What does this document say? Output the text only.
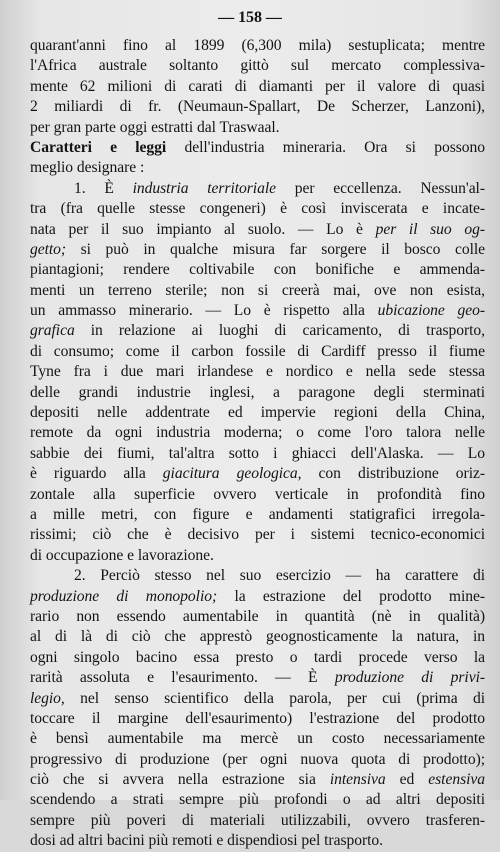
— 158 —
quarant'anni fino al 1899 (6,300 mila) sestuplicata; mentre
l'Africa australe soltanto gittò sul mercato complessiva-
mente 62 milioni di carati di diamanti per il valore di quasi
2 miliardi di fr. (Neumaun-Spallart, De Scherzer, Lanzoni),
per gran parte oggi estratti dal Traswaal.
Caratteri e leggi dell'industria mineraria. Ora si possono
meglio designare :
1. È industria territoriale per eccellenza. Nessun'al-
tra (fra quelle stesse congeneri) è così inviscerata e incate-
nata per il suo impianto al suolo. — Lo è per il suo og-
getto; si può in qualche misura far sorgere il bosco colle
piantagioni; rendere coltivabile con bonifiche e ammenda-
menti un terreno sterile; non si creerà mai, ove non esista,
un ammasso minerario. — Lo è rispetto alla ubicazione geo-
grafica in relazione ai luoghi di caricamento, di trasporto,
di consumo; come il carbon fossile di Cardiff presso il fiume
Tyne fra i due mari irlandese e nordico e nella sede stessa
delle grandi industrie inglesi, a paragone degli sterminati
depositi nelle addentrate ed impervie regioni della China,
remote da ogni industria moderna; o come l'oro talora nelle
sabbie dei fiumi, tal'altra sotto i ghiacci dell'Alaska. — Lo
è riguardo alla giacitura geologica, con distribuzione oriz-
zontale alla superficie ovvero verticale in profondità fino
a mille metri, con figure e andamenti statigrafici irregola-
rissimi; ciò che è decisivo per i sistemi tecnico-economici
di occupazione e lavorazione.
2. Perciò stesso nel suo esercizio — ha carattere di
produzione di monopolio; la estrazione del prodotto mine-
rario non essendo aumentabile in quantità (nè in qualità)
al di là di ciò che apprestò geognosticamente la natura, in
ogni singolo bacino essa presto o tardi procede verso la
rarità assoluta e l'esaurimento. — È produzione di privi-
legio, nel senso scientifico della parola, per cui (prima di
toccare il margine dell'esaurimento) l'estrazione del prodotto
è bensì aumentabile ma mercè un costo necessariamente
progressivo di produzione (per ogni nuova quota di prodotto);
ciò che si avvera nella estrazione sia intensiva ed estensiva
scendendo a strati sempre più profondi o ad altri depositi
sempre più poveri di materiali utilizzabili, ovvero trasferen-
dosi ad altri bacini più remoti e dispendiosi pel trasporto.
